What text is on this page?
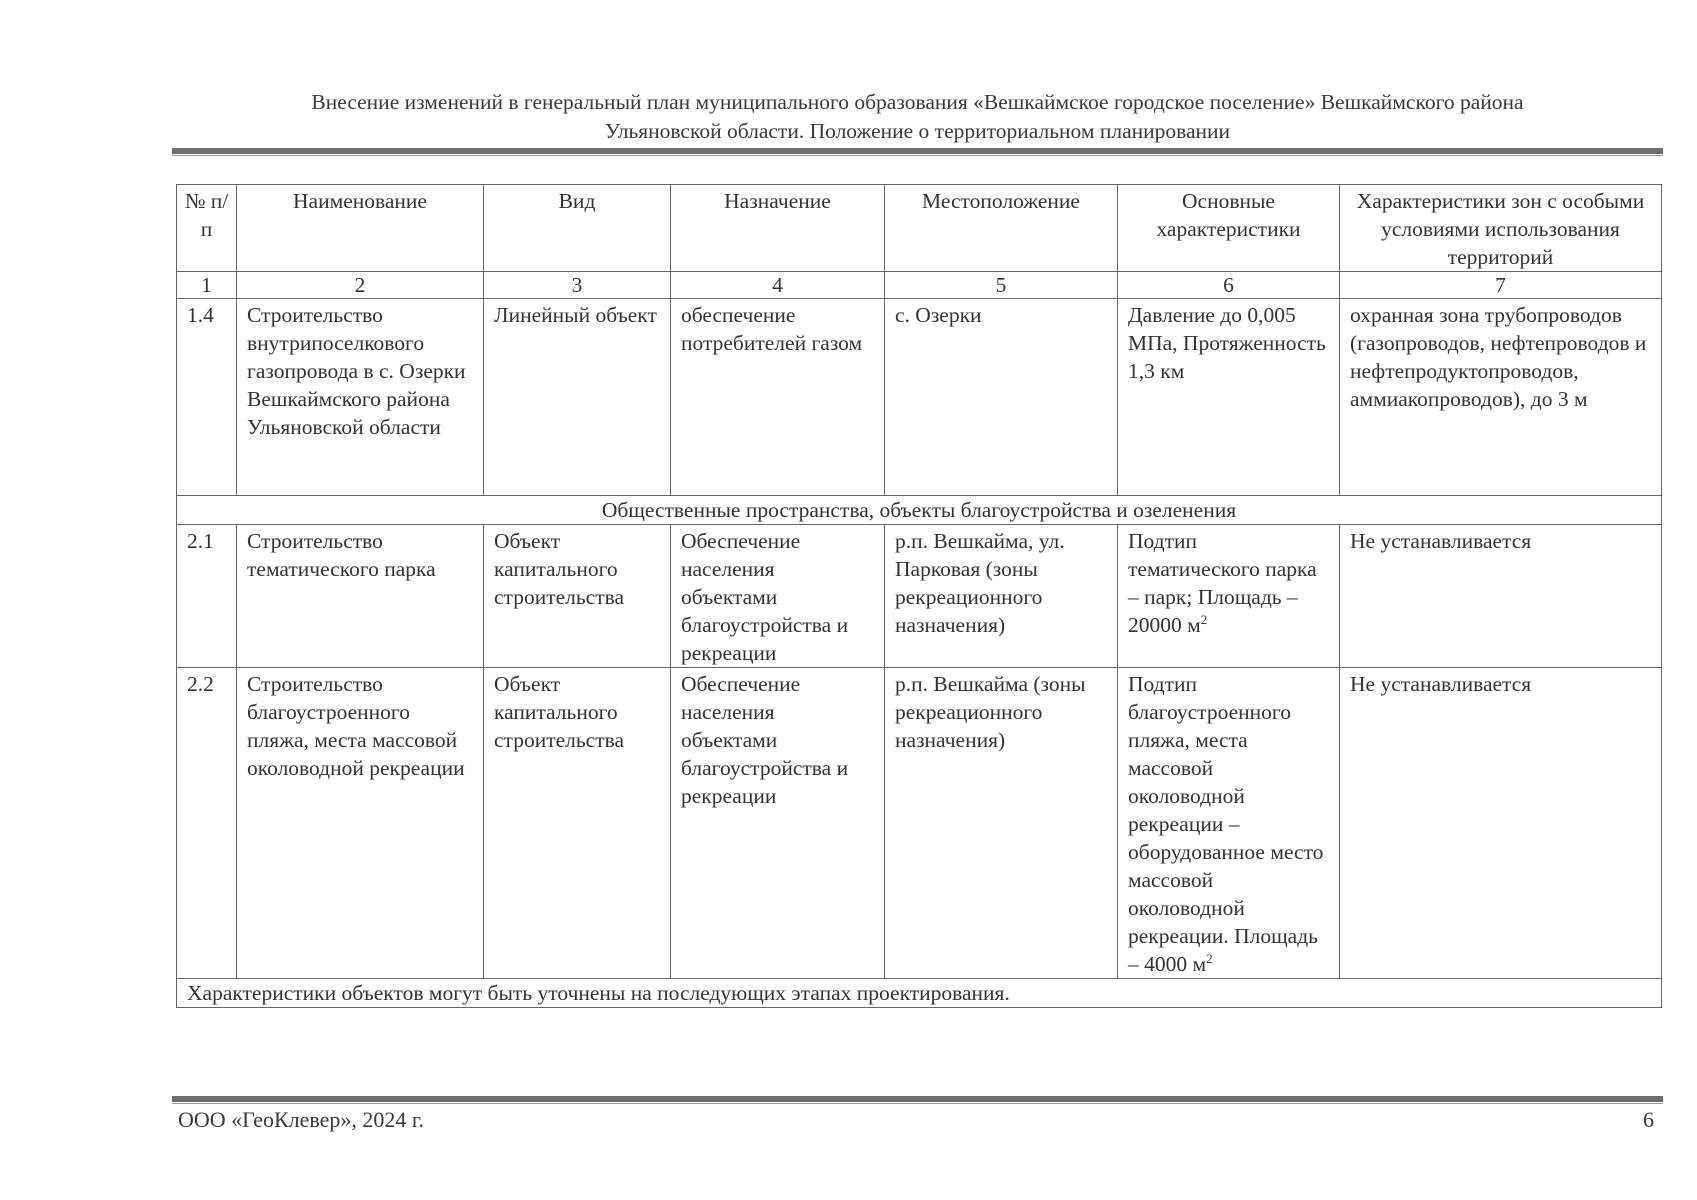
Внесение изменений в генеральный план муниципального образования «Вешкаймское городское поселение» Вешкаймского района
Ульяновской области. Положение о территориальном планировании
№ п/п	Наименование	Вид	Назначение	Местоположение	Основные характеристики	Характеристики зон с особыми условиями использования территорий
1	2	3	4	5	6	7
1.4	Строительство внутрипоселкового газопровода в с. Озерки Вешкаймского района Ульяновской области	Линейный объект	обеспечение потребителей газом	с. Озерки	Давление до 0,005 МПа, Протяженность 1,3 км	охранная зона трубопроводов (газопроводов, нефтепроводов и нефтепродуктопроводов, аммиакопроводов), до 3 м
Общественные пространства, объекты благоустройства и озеленения						
2.1	Строительство тематического парка	Объект капитального строительства	Обеспечение населения объектами благоустройства и рекреации	р.п. Вешкайма, ул. Парковая (зоны рекреационного назначения)	Подтип тематического парка – парк; Площадь –20000 $м^2$	Не устанавливается
2.2	Строительство благоустроенного пляжа, места массовой околоводной рекреации	Объект капитального строительства	Обеспечение населения объектами благоустройства и рекреации	р.п. Вешкайма (зоны рекреационного назначения)	Подтип благоустроенного пляжа, места массовой околоводной рекреации – оборудованное место массовой околоводной рекреации. Площадь – 4000 $м^2$	Не устанавливается
Характеристики объектов могут быть уточнены на последующих этапах проектирования.						
ООО «ГеоКлевер», 2024 г.	6
